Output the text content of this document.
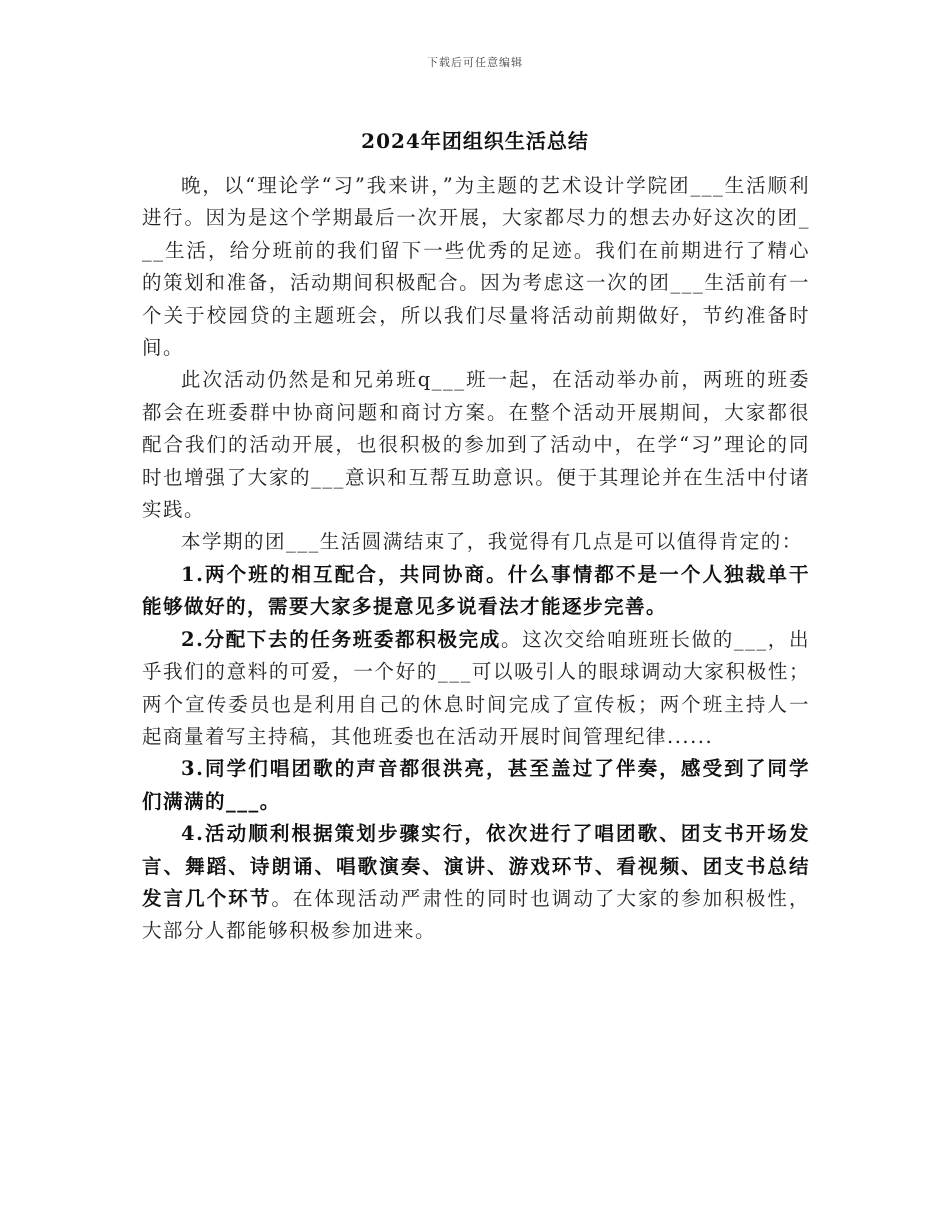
下载后可任意编辑
2024年团组织生活总结

晚，以“理论学“习”我来讲，”为主题的艺术设计学院团___生活顺利进行。因为是这个学期最后一次开展，大家都尽力的想去办好这次的团___生活，给分班前的我们留下一些优秀的足迹。我们在前期进行了精心的策划和准备，活动期间积极配合。因为考虑这一次的团___生活前有一个关于校园贷的主题班会，所以我们尽量将活动前期做好，节约准备时间。

此次活动仍然是和兄弟班q___班一起，在活动举办前，两班的班委都会在班委群中协商问题和商讨方案。在整个活动开展期间，大家都很配合我们的活动开展，也很积极的参加到了活动中，在学“习”理论的同时也增强了大家的___意识和互帮互助意识。便于其理论并在生活中付诸实践。

本学期的团___生活圆满结束了，我觉得有几点是可以值得肯定的：

1.两个班的相互配合，共同协商。什么事情都不是一个人独裁单干能够做好的，需要大家多提意见多说看法才能逐步完善。

2.分配下去的任务班委都积极完成。这次交给咱班班长做的___，出乎我们的意料的可爱，一个好的___可以吸引人的眼球调动大家积极性；两个宣传委员也是利用自己的休息时间完成了宣传板；两个班主持人一起商量着写主持稿，其他班委也在活动开展时间管理纪律......

3.同学们唱团歌的声音都很洪亮，甚至盖过了伴奏，感受到了同学们满满的___。

4.活动顺利根据策划步骤实行，依次进行了唱团歌、团支书开场发言、舞蹈、诗朗诵、唱歌演奏、演讲、游戏环节、看视频、团支书总结发言几个环节。在体现活动严肃性的同时也调动了大家的参加积极性，大部分人都能够积极参加进来。
